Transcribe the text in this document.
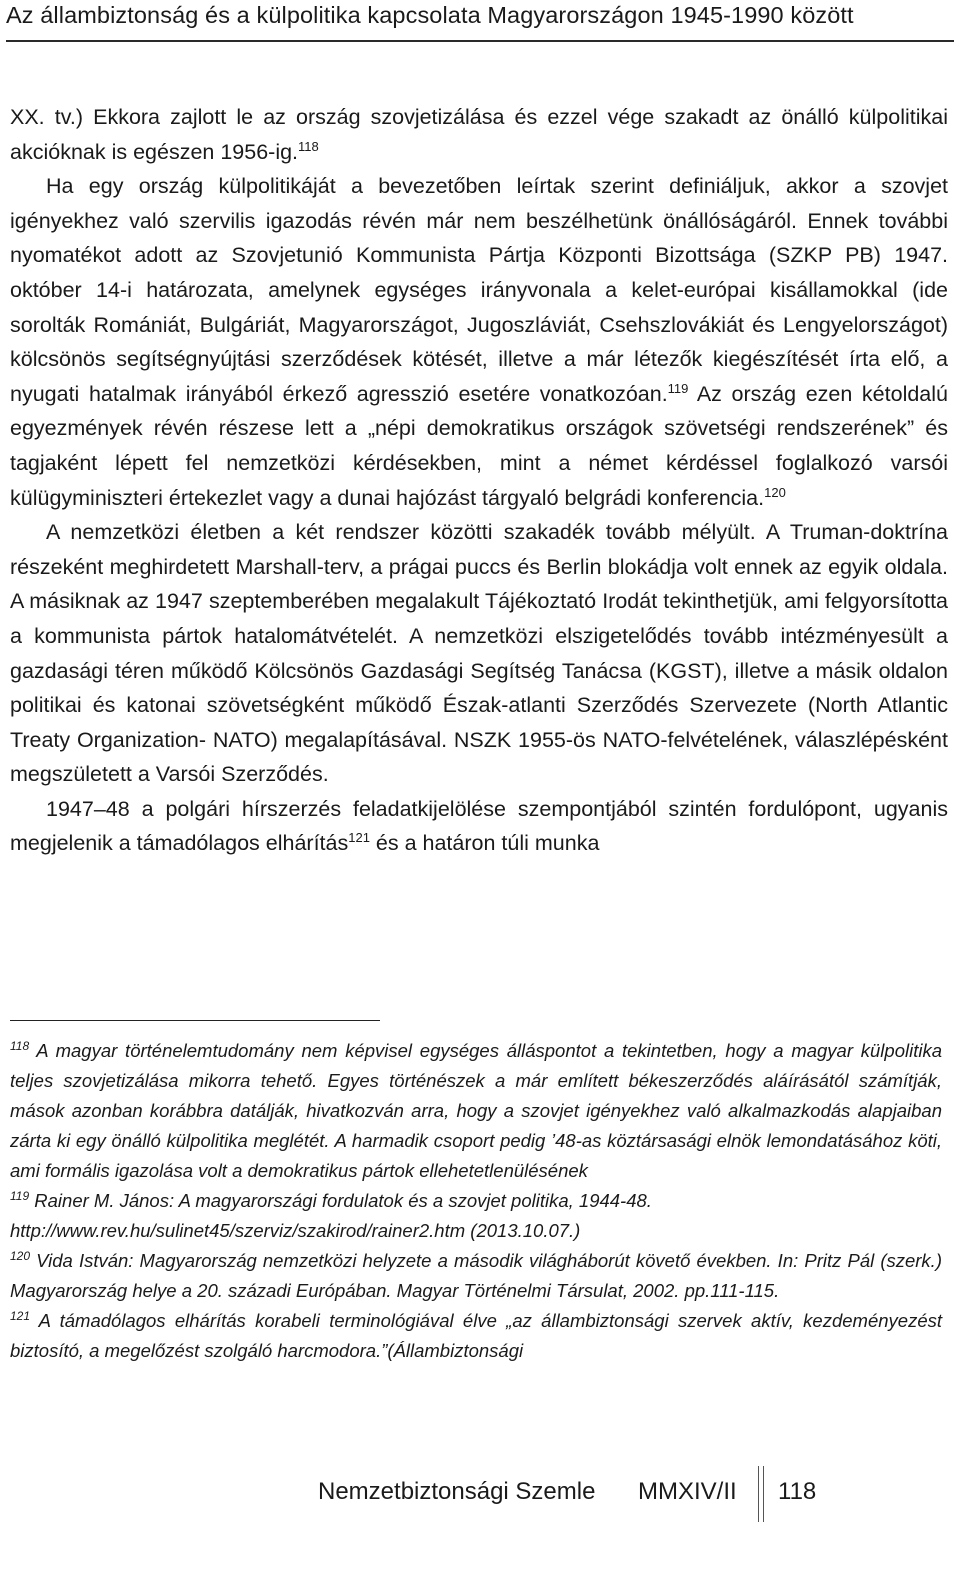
Az állambiztonság és a külpolitika kapcsolata Magyarországon 1945-1990 között

XX. tv.) Ekkora zajlott le az ország szovjetizálása és ezzel vége szakadt az önálló külpolitikai akcióknak is egészen 1956-ig.$^{118}$

Ha egy ország külpolitikáját a bevezetőben leírtak szerint definiáljuk, akkor a szovjet igényekhez való szervilis igazodás révén már nem beszélhetünk önállóságáról. Ennek további nyomatékot adott az Szovjetunió Kommunista Pártja Központi Bizottsága (SZKP PB) 1947. október 14-i határozata, amelynek egységes irányvonala a kelet-európai kisállamokkal (ide sorolták Romániát, Bulgáriát, Magyarországot, Jugoszláviát, Csehszlovákiát és Lengyelországot) kölcsönös segítségnyújtási szerződések kötését, illetve a már létezők kiegészítését írta elő, a nyugati hatalmak irányából érkező agresszió esetére vonatkozóan.$^{119}$ Az ország ezen kétoldalú egyezmények révén részese lett a „népi demokratikus országok szövetségi rendszerének” és tagjaként lépett fel nemzetközi kérdésekben, mint a német kérdéssel foglalkozó varsói külügyminiszteri értekezlet vagy a dunai hajózást tárgyaló belgrádi konferencia.$^{120}$

A nemzetközi életben a két rendszer közötti szakadék tovább mélyült. A Truman-doktrína részeként meghirdetett Marshall-terv, a prágai puccs és Berlin blokádja volt ennek az egyik oldala. A másiknak az 1947 szeptemberében megalakult Tájékoztató Irodát tekinthetjük, ami felgyorsította a kommunista pártok hatalomátvételét. A nemzetközi elszigetelődés tovább intézményesült a gazdasági téren működő Kölcsönös Gazdasági Segítség Tanácsa (KGST), illetve a másik oldalon politikai és katonai szövetségként működő Észak-atlanti Szerződés Szervezete (North Atlantic Treaty Organization- NATO) megalapításával. NSZK 1955-ös NATO-felvételének, válaszlépésként megszületett a Varsói Szerződés.

1947–48 a polgári hírszerzés feladatkijelölése szempontjából szintén fordulópont, ugyanis megjelenik a támadólagos elhárítás$^{121}$ és a határon túli munka

$^{118}$ A magyar történelemtudomány nem képvisel egységes álláspontot a tekintetben, hogy a magyar külpolitika teljes szovjetizálása mikorra tehető. Egyes történészek a már említett békeszerződés aláírásától számítják, mások azonban korábbra datálják, hivatkozván arra, hogy a szovjet igényekhez való alkalmazkodás alapjaiban zárta ki egy önálló külpolitika meglétét. A harmadik csoport pedig ’48-as köztársasági elnök lemondatásához köti, ami formális igazolása volt a demokratikus pártok ellehetetlenülésének

$^{119}$ Rainer M. János: A magyarországi fordulatok és a szovjet politika, 1944-48.
http://www.rev.hu/sulinet45/szerviz/szakirod/rainer2.htm (2013.10.07.)

$^{120}$ Vida István: Magyarország nemzetközi helyzete a második világháborút követő években. In: Pritz Pál (szerk.) Magyarország helye a 20. századi Európában. Magyar Történelmi Társulat, 2002. pp.111-115.

$^{121}$ A támadólagos elhárítás korabeli terminológiával élve „az állambiztonsági szervek aktív, kezdeményezést biztosító, a megelőzést szolgáló harcmodora.”(Állambiztonsági

Nemzetbiztonsági Szemle MMXIV/II 118
